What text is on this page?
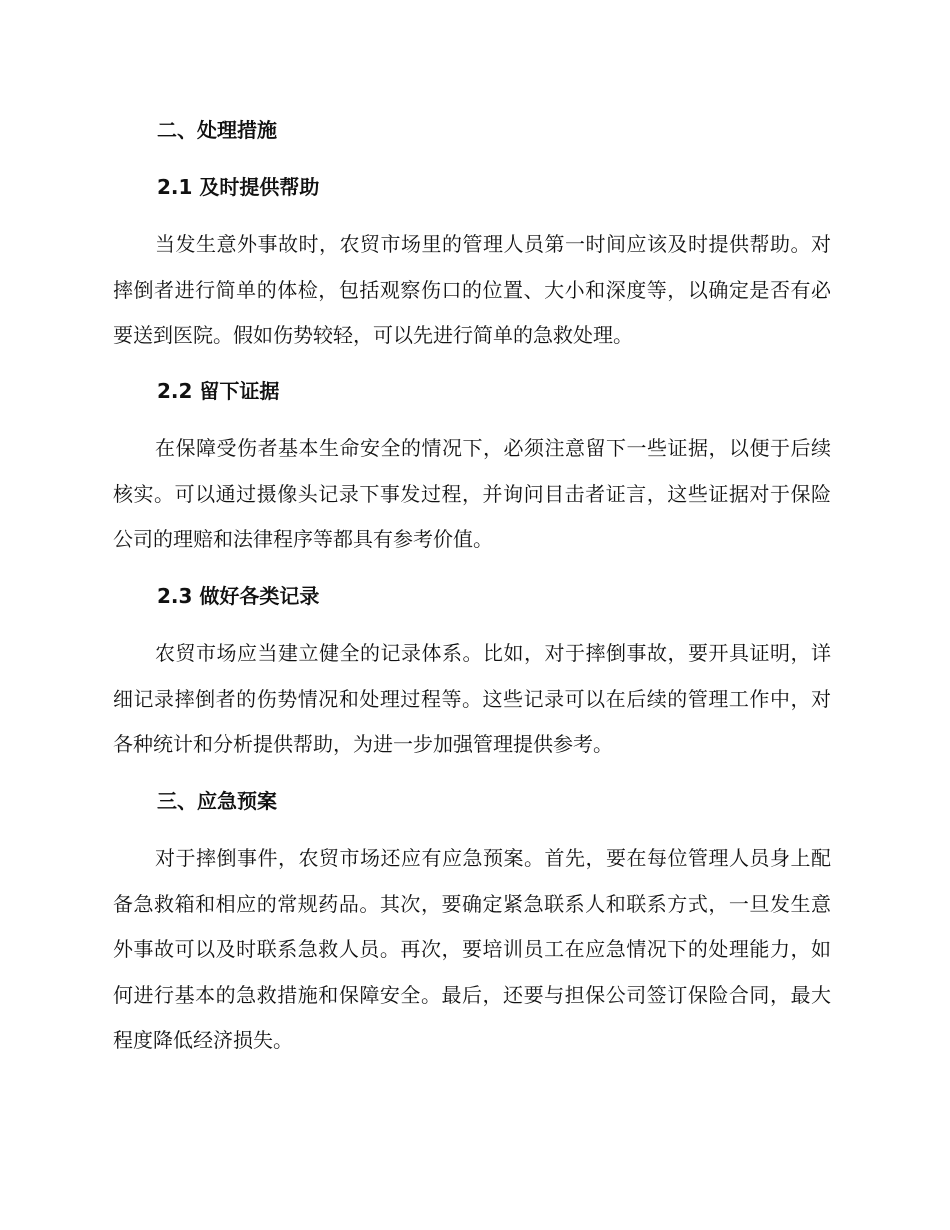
二、处理措施
2.1 及时提供帮助

当发生意外事故时，农贸市场里的管理人员第一时间应该及时提供帮助。对摔倒者进行简单的体检，包括观察伤口的位置、大小和深度等，以确定是否有必要送到医院。假如伤势较轻，可以先进行简单的急救处理。

2.2 留下证据

在保障受伤者基本生命安全的情况下，必须注意留下一些证据，以便于后续核实。可以通过摄像头记录下事发过程，并询问目击者证言，这些证据对于保险公司的理赔和法律程序等都具有参考价值。

2.3 做好各类记录

农贸市场应当建立健全的记录体系。比如，对于摔倒事故，要开具证明，详细记录摔倒者的伤势情况和处理过程等。这些记录可以在后续的管理工作中，对各种统计和分析提供帮助，为进一步加强管理提供参考。

三、应急预案

对于摔倒事件，农贸市场还应有应急预案。首先，要在每位管理人员身上配备急救箱和相应的常规药品。其次，要确定紧急联系人和联系方式，一旦发生意外事故可以及时联系急救人员。再次，要培训员工在应急情况下的处理能力，如何进行基本的急救措施和保障安全。最后，还要与担保公司签订保险合同，最大程度降低经济损失。
